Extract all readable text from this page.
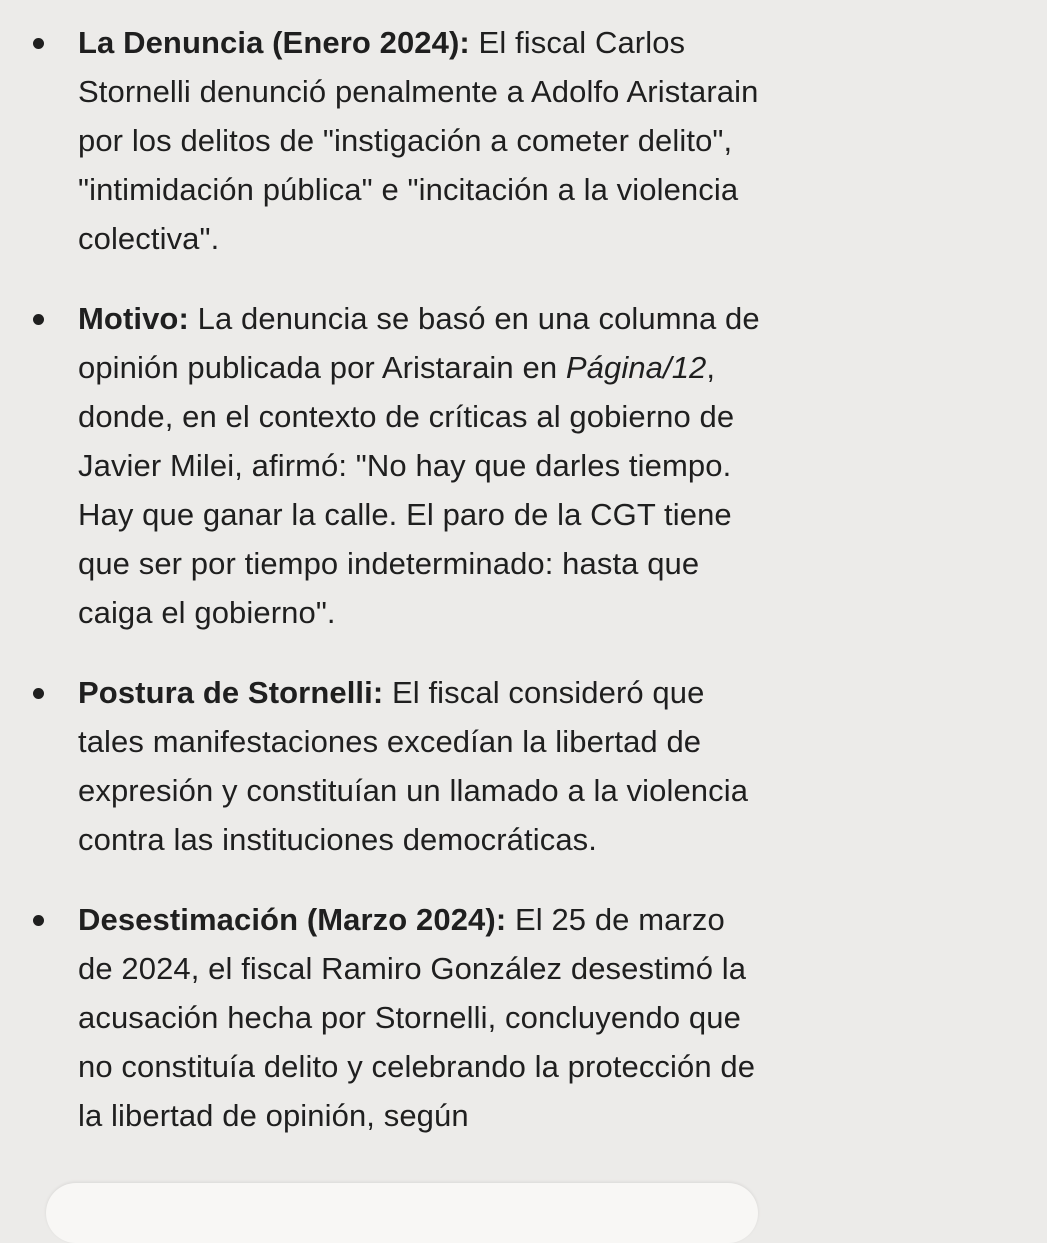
La Denuncia (Enero 2024): El fiscal Carlos Stornelli denunció penalmente a Adolfo Aristarain por los delitos de "instigación a cometer delito", "intimidación pública" e "incitación a la violencia colectiva".
Motivo: La denuncia se basó en una columna de opinión publicada por Aristarain en Página/12, donde, en el contexto de críticas al gobierno de Javier Milei, afirmó: "No hay que darles tiempo. Hay que ganar la calle. El paro de la CGT tiene que ser por tiempo indeterminado: hasta que caiga el gobierno".
Postura de Stornelli: El fiscal consideró que tales manifestaciones excedían la libertad de expresión y constituían un llamado a la violencia contra las instituciones democráticas.
Desestimación (Marzo 2024): El 25 de marzo de 2024, el fiscal Ramiro González desestimó la acusación hecha por Stornelli, concluyendo que no constituía delito y celebrando la protección de la libertad de opinión, según
